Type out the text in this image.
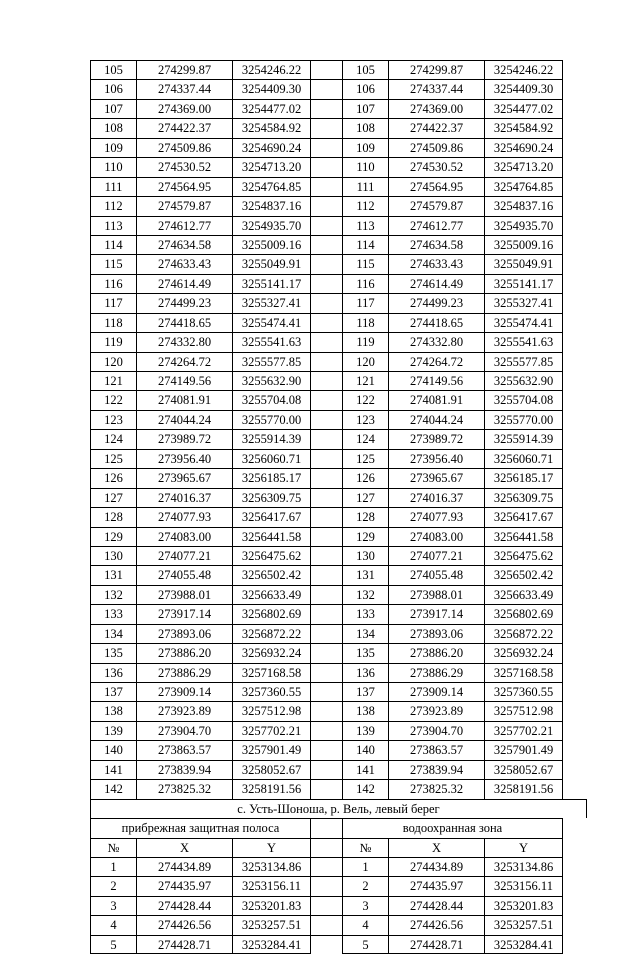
105	274299.87	3254246.22	105	274299.87	3254246.22
106	274337.44	3254409.30	106	274337.44	3254409.30
107	274369.00	3254477.02	107	274369.00	3254477.02
108	274422.37	3254584.92	108	274422.37	3254584.92
109	274509.86	3254690.24	109	274509.86	3254690.24
110	274530.52	3254713.20	110	274530.52	3254713.20
111	274564.95	3254764.85	111	274564.95	3254764.85
112	274579.87	3254837.16	112	274579.87	3254837.16
113	274612.77	3254935.70	113	274612.77	3254935.70
114	274634.58	3255009.16	114	274634.58	3255009.16
115	274633.43	3255049.91	115	274633.43	3255049.91
116	274614.49	3255141.17	116	274614.49	3255141.17
117	274499.23	3255327.41	117	274499.23	3255327.41
118	274418.65	3255474.41	118	274418.65	3255474.41
119	274332.80	3255541.63	119	274332.80	3255541.63
120	274264.72	3255577.85	120	274264.72	3255577.85
121	274149.56	3255632.90	121	274149.56	3255632.90
122	274081.91	3255704.08	122	274081.91	3255704.08
123	274044.24	3255770.00	123	274044.24	3255770.00
124	273989.72	3255914.39	124	273989.72	3255914.39
125	273956.40	3256060.71	125	273956.40	3256060.71
126	273965.67	3256185.17	126	273965.67	3256185.17
127	274016.37	3256309.75	127	274016.37	3256309.75
128	274077.93	3256417.67	128	274077.93	3256417.67
129	274083.00	3256441.58	129	274083.00	3256441.58
130	274077.21	3256475.62	130	274077.21	3256475.62
131	274055.48	3256502.42	131	274055.48	3256502.42
132	273988.01	3256633.49	132	273988.01	3256633.49
133	273917.14	3256802.69	133	273917.14	3256802.69
134	273893.06	3256872.22	134	273893.06	3256872.22
135	273886.20	3256932.24	135	273886.20	3256932.24
136	273886.29	3257168.58	136	273886.29	3257168.58
137	273909.14	3257360.55	137	273909.14	3257360.55
138	273923.89	3257512.98	138	273923.89	3257512.98
139	273904.70	3257702.21	139	273904.70	3257702.21
140	273863.57	3257901.49	140	273863.57	3257901.49
141	273839.94	3258052.67	141	273839.94	3258052.67
142	273825.32	3258191.56	142	273825.32	3258191.56
с. Усть-Шоноша, р. Вель, левый берег
прибрежная защитная полоса	водоохранная зона
№	X	Y	№	X	Y
1	274434.89	3253134.86	1	274434.89	3253134.86
2	274435.97	3253156.11	2	274435.97	3253156.11
3	274428.44	3253201.83	3	274428.44	3253201.83
4	274426.56	3253257.51	4	274426.56	3253257.51
5	274428.71	3253284.41	5	274428.71	3253284.41
